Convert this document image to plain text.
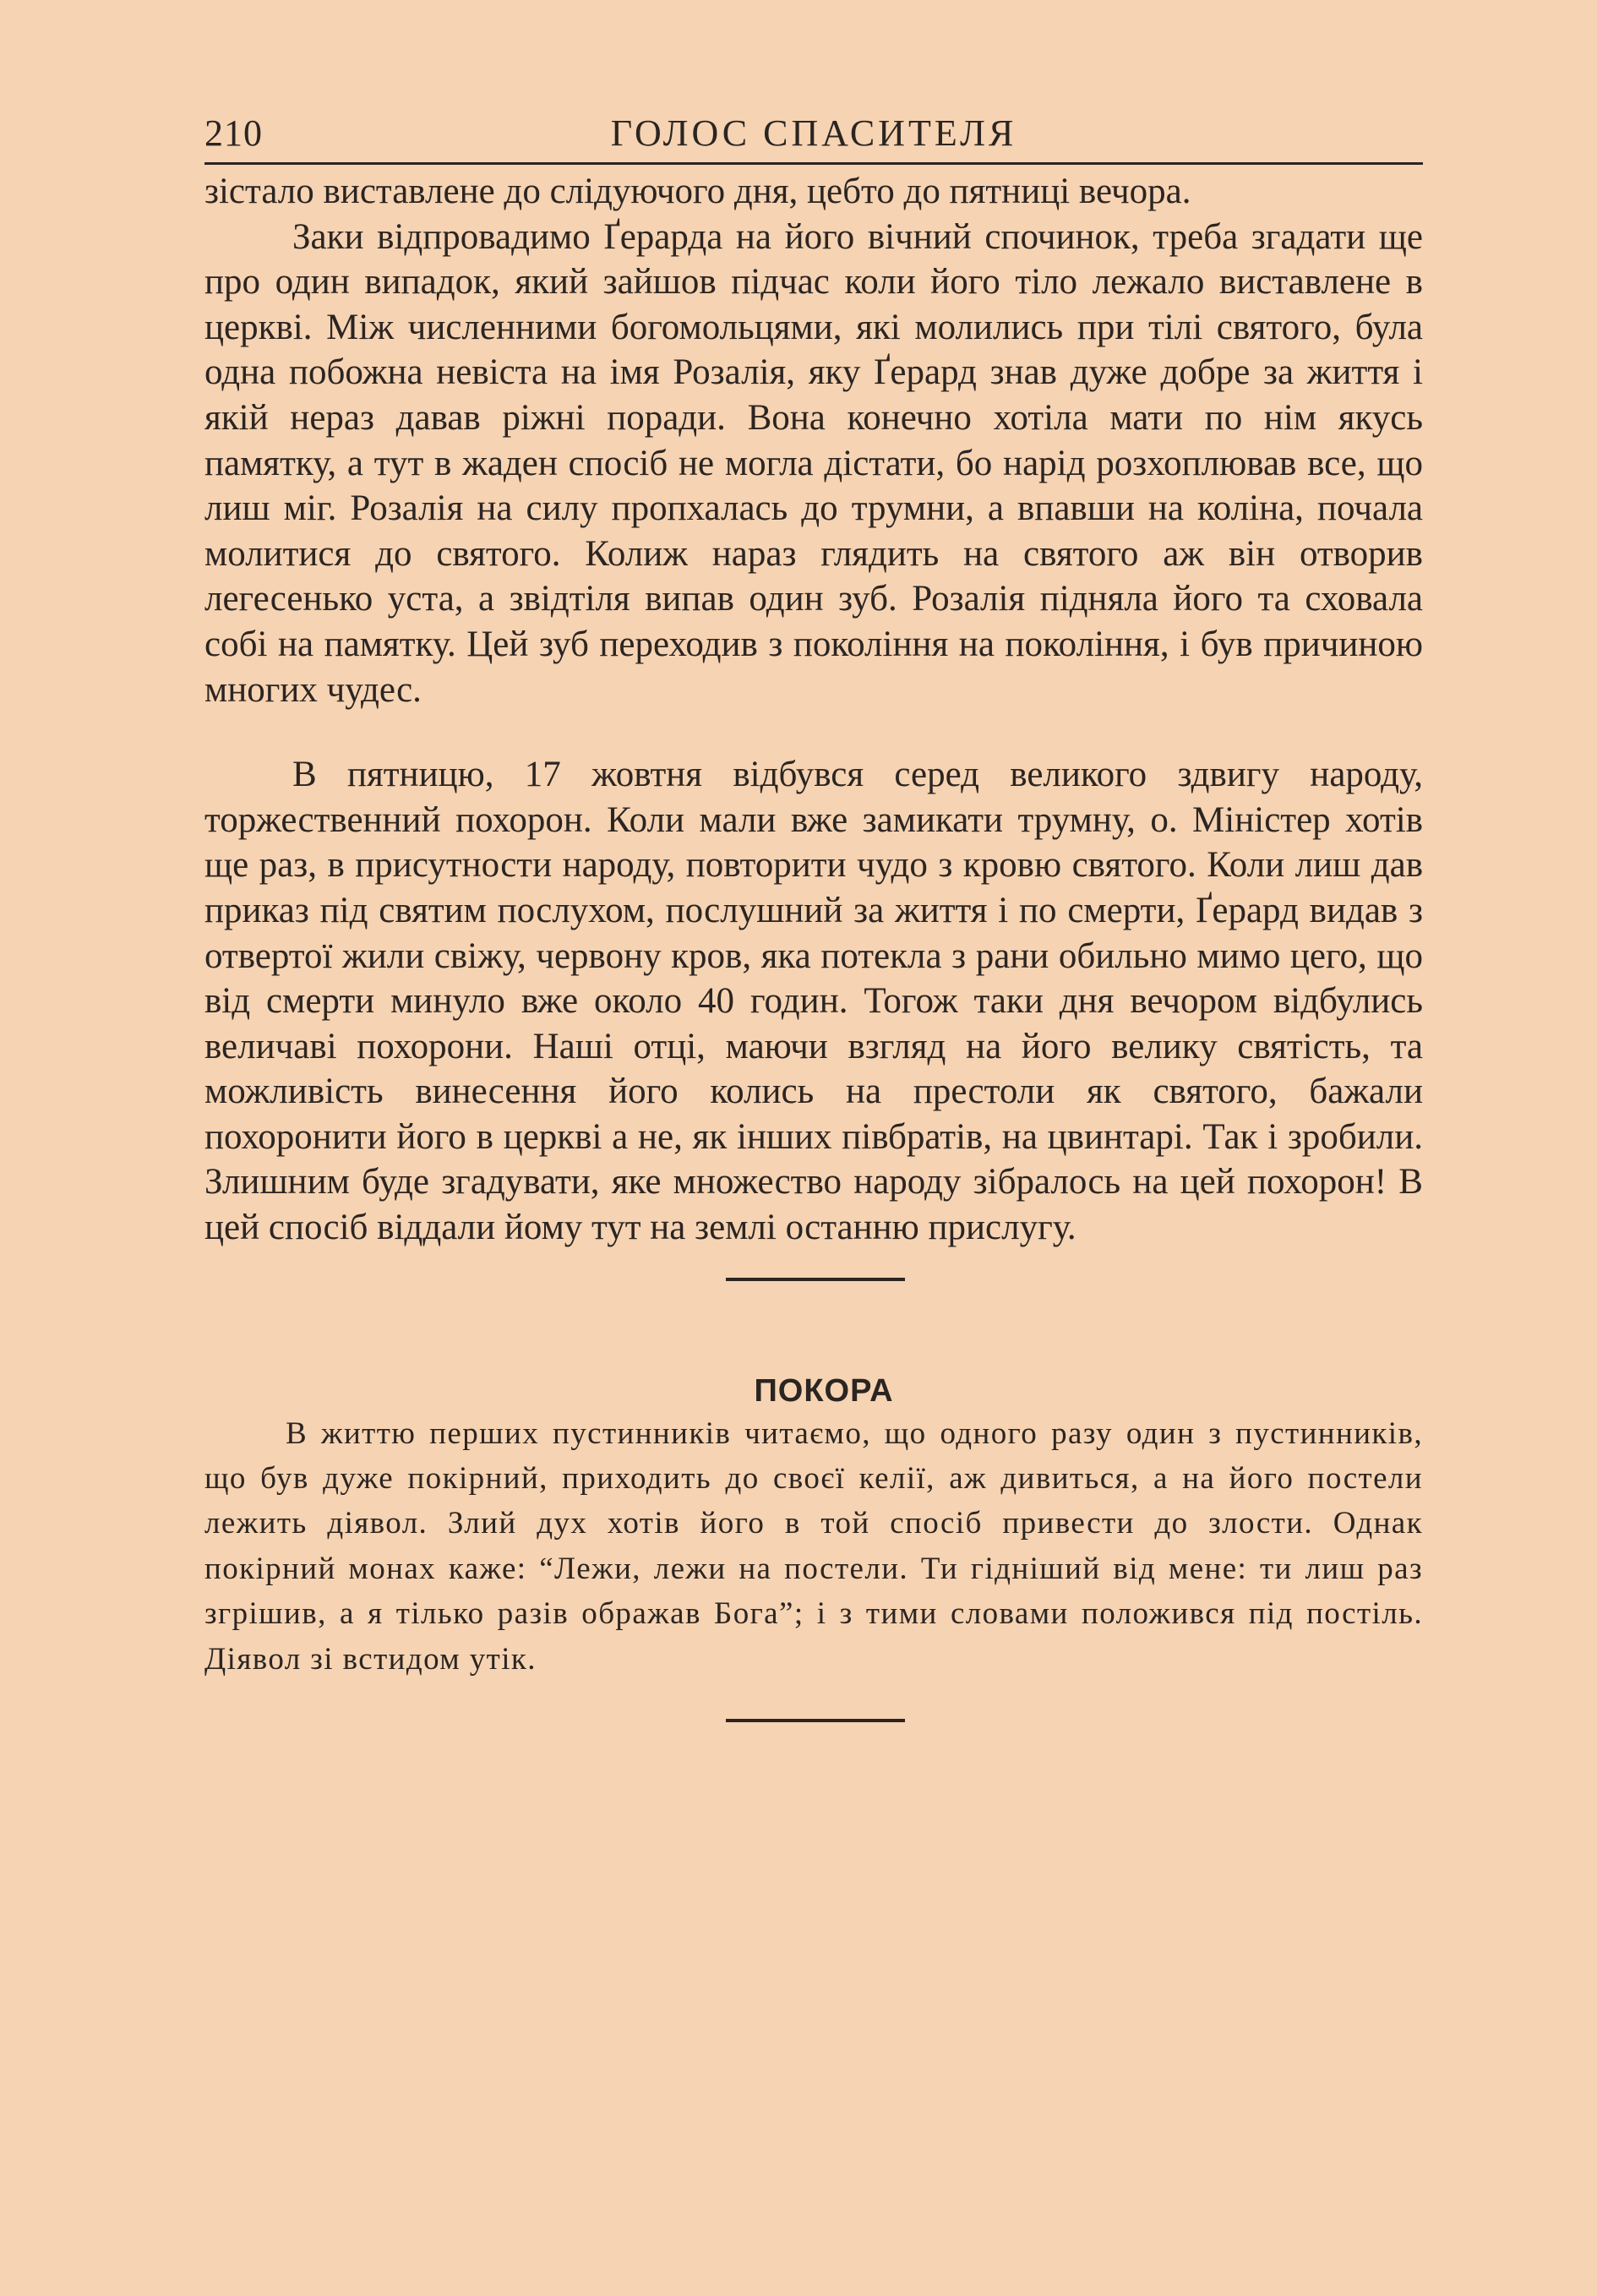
210	ГОЛОС СПАСИТЕЛЯ

зістало виставлене до слідуючого дня, цебто до пятниці вечора.

Заки відпровадимо Ґерарда на його вічний спочинок, треба згадати ще про один випадок, який зайшов підчас коли його тіло лежало виставлене в церкві. Між численними богомольцями, які молились при тілі святого, була одна побожна невіста на імя Розалія, яку Ґерард знав дуже добре за життя і якій нераз давав ріжні поради. Вона конечно хотіла мати по нім якусь памятку, а тут в жаден спосіб не могла дістати, бо нарід розхоплював все, що лиш міг. Розалія на силу пропхалась до трумни, а впавши на коліна, почала молитися до святого. Колиж нараз глядить на святого аж він отворив легесенько уста, а звідтіля випав один зуб. Розалія підняла його та сховала собі на памятку. Цей зуб переходив з покоління на покоління, і був причиною многих чудес.

В пятницю, 17 жовтня відбувся серед великого здвигу народу, торжественний похорон. Коли мали вже замикати трумну, о. Міністер хотів ще раз, в присутности народу, повторити чудо з кровю святого. Коли лиш дав приказ під святим послухом, послушний за життя і по смерти, Ґерард видав з отвертої жили свіжу, червону кров, яка потекла з рани обильно мимо цего, що від смерти минуло вже около 40 годин. Тогож таки дня вечором відбулись величаві похорони. Наші отці, маючи взгляд на його велику святість, та можливість винесення його колись на престоли як святого, бажали похоронити його в церкві а не, як інших півбратів, на цвинтарі. Так і зробили. Злишним буде згадувати, яке множество народу зібралось на цей похорон! В цей спосіб віддали йому тут на землі останню прислугу.

ПОКОРА

В життю перших пустинників читаємо, що одного разу один з пустинників, що був дуже покірний, приходить до своєї келії, аж дивиться, а на його постели лежить діявол. Злий дух хотів його в той спосіб привести до злости. Однак покірний монах каже: “Лежи, лежи на постели. Ти гідніший від мене: ти лиш раз згрішив, а я тілько разів ображав Бога”; і з тими словами положився під постіль. Діявол зі встидом утік.
